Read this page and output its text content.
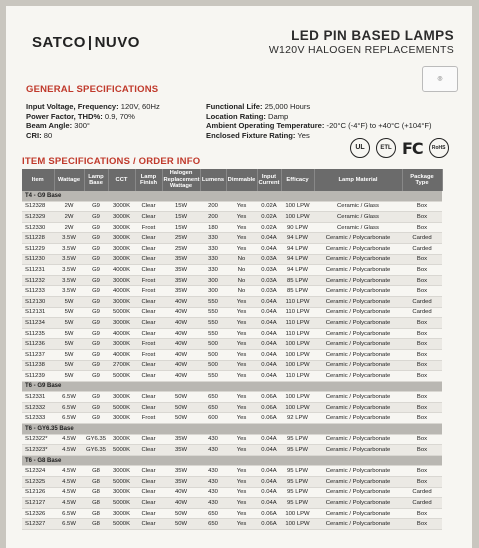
SATCO | NUVO	LED PIN BASED LAMPS
W120V HALOGEN REPLACEMENTS
◎
GENERAL SPECIFICATIONS
Input Voltage, Frequency: 120V, 60Hz
Power Factor, THD%: 0.9, 70%
Beam Angle: 300°
CRI: 80
Functional Life: 25,000 Hours
Location Rating: Damp
Ambient Operating Temperature: -20°C (-4°F) to +40°C (+104°F)
Enclosed Fixture Rating: Yes
UL	ETL FC	RoHS
ITEM SPECIFICATIONS / ORDER INFO
Item	Wattage	Lamp Base	CCT	Lamp Finish	Halogen Replacement Wattage	Lumens	Dimmable	Input Current	Efficacy	Lamp Material	Package Type
T4 - G9 Base											
S12328	2W	G9	3000K	Clear	15W	200	Yes	0.02A	100 LPW	Ceramic / Glass	Box
S12329	2W	G9	3000K	Clear	15W	200	Yes	0.02A	100 LPW	Ceramic / Glass	Box
S12330	2W	G9	3000K	Frost	15W	180	Yes	0.02A	90 LPW	Ceramic / Glass	Box
S11228	3.5W	G9	3000K	Clear	25W	330	Yes	0.04A	94 LPW	Ceramic / Polycarbonate	Carded
S11229	3.5W	G9	3000K	Clear	25W	330	Yes	0.04A	94 LPW	Ceramic / Polycarbonate	Carded
S11230	3.5W	G9	3000K	Clear	35W	330	No	0.03A	94 LPW	Ceramic / Polycarbonate	Box
S11231	3.5W	G9	4000K	Clear	35W	330	No	0.03A	94 LPW	Ceramic / Polycarbonate	Box
S11232	3.5W	G9	3000K	Frost	35W	300	No	0.03A	85 LPW	Ceramic / Polycarbonate	Box
S11233	3.5W	G9	4000K	Frost	35W	300	No	0.03A	85 LPW	Ceramic / Polycarbonate	Box
S12130	5W	G9	3000K	Clear	40W	550	Yes	0.04A	110 LPW	Ceramic / Polycarbonate	Carded
S12131	5W	G9	5000K	Clear	40W	550	Yes	0.04A	110 LPW	Ceramic / Polycarbonate	Carded
S11234	5W	G9	3000K	Clear	40W	550	Yes	0.04A	110 LPW	Ceramic / Polycarbonate	Box
S11235	5W	G9	4000K	Clear	40W	550	Yes	0.04A	110 LPW	Ceramic / Polycarbonate	Box
S11236	5W	G9	3000K	Frost	40W	500	Yes	0.04A	100 LPW	Ceramic / Polycarbonate	Box
S11237	5W	G9	4000K	Frost	40W	500	Yes	0.04A	100 LPW	Ceramic / Polycarbonate	Box
S11238	5W	G9	2700K	Clear	40W	500	Yes	0.04A	100 LPW	Ceramic / Polycarbonate	Box
S11239	5W	G9	5000K	Clear	40W	550	Yes	0.04A	110 LPW	Ceramic / Polycarbonate	Box
T6 - G9 Base											
S12331	6.5W	G9	3000K	Clear	50W	650	Yes	0.06A	100 LPW	Ceramic / Polycarbonate	Box
S12332	6.5W	G9	5000K	Clear	50W	650	Yes	0.06A	100 LPW	Ceramic / Polycarbonate	Box
S12333	6.5W	G9	3000K	Frost	50W	600	Yes	0.06A	92 LPW	Ceramic / Polycarbonate	Box
T6 - GY6.35 Base											
S12322*	4.5W	GY6.35	3000K	Clear	35W	430	Yes	0.04A	95 LPW	Ceramic / Polycarbonate	Box
S12323*	4.5W	GY6.35	5000K	Clear	35W	430	Yes	0.04A	95 LPW	Ceramic / Polycarbonate	Box
T6 - G8 Base											
S12324	4.5W	G8	3000K	Clear	35W	430	Yes	0.04A	95 LPW	Ceramic / Polycarbonate	Box
S12325	4.5W	G8	5000K	Clear	35W	430	Yes	0.04A	95 LPW	Ceramic / Polycarbonate	Box
S12126	4.5W	G8	3000K	Clear	40W	430	Yes	0.04A	95 LPW	Ceramic / Polycarbonate	Carded
S12127	4.5W	G8	5000K	Clear	40W	430	Yes	0.04A	95 LPW	Ceramic / Polycarbonate	Carded
S12326	6.5W	G8	3000K	Clear	50W	650	Yes	0.06A	100 LPW	Ceramic / Polycarbonate	Box
S12327	6.5W	G8	5000K	Clear	50W	650	Yes	0.06A	100 LPW	Ceramic / Polycarbonate	Box
